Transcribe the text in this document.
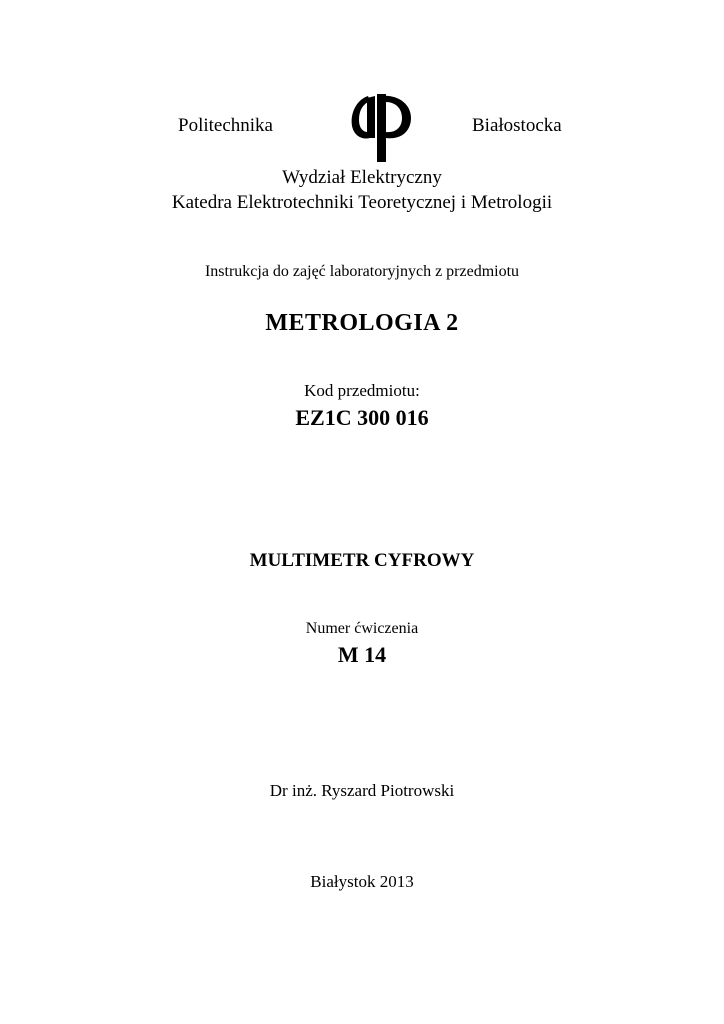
Politechnika	Białostocka
Wydział Elektryczny
Katedra Elektrotechniki Teoretycznej i Metrologii
Instrukcja do zajęć laboratoryjnych z przedmiotu
METROLOGIA 2
Kod przedmiotu:
EZ1C 300 016
MULTIMETR CYFROWY
Numer ćwiczenia
M 14
Dr inż. Ryszard Piotrowski
Białystok 2013
